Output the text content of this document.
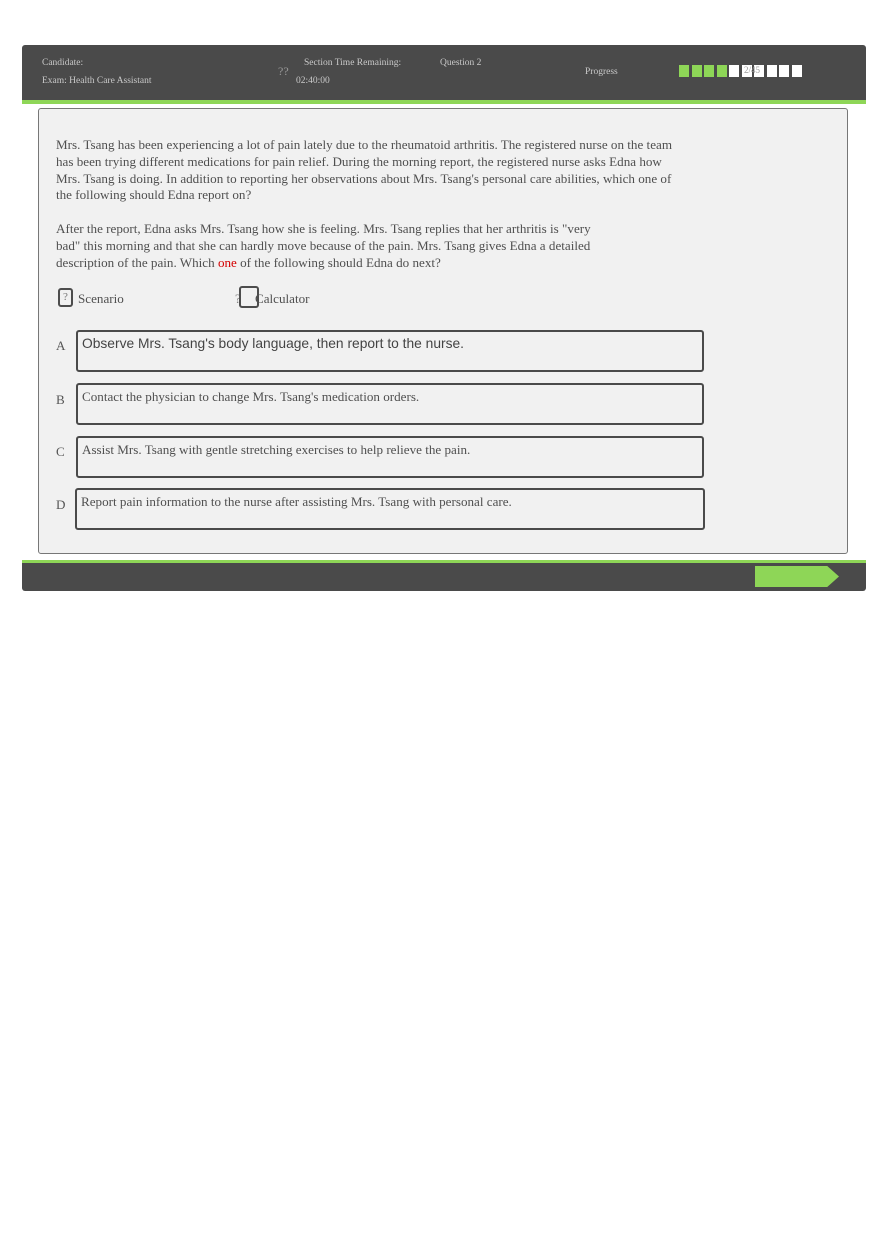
Candidate:
Exam: Health Care Assistant
??
Section Time Remaining:
02:40:00
Question 2
Progress	2/45

Mrs. Tsang has been experiencing a lot of pain lately due to the rheumatoid arthritis. The registered nurse on the team has been trying different medications for pain relief. During the morning report, the registered nurse asks Edna how Mrs. Tsang is doing. In addition to reporting her observations about Mrs. Tsang's personal care abilities, which one of the following should Edna report on?

After the report, Edna asks Mrs. Tsang how she is feeling. Mrs. Tsang replies that her arthritis is "very bad" this morning and that she can hardly move because of the pain. Mrs. Tsang gives Edna a detailed description of the pain. Which one of the following should Edna do next?

? Scenario	? Calculator
A Observe Mrs. Tsang's body language, then report to the nurse.
B Contact the physician to change Mrs. Tsang's medication orders.
C Assist Mrs. Tsang with gentle stretching exercises to help relieve the pain.
D Report pain information to the nurse after assisting Mrs. Tsang with personal care.
